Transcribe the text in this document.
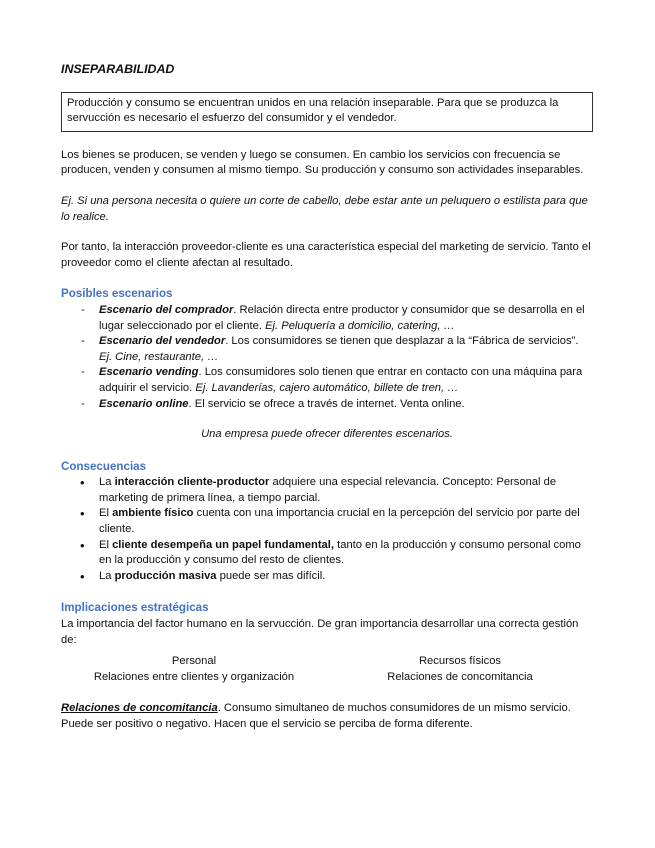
INSEPARABILIDAD
Producción y consumo se encuentran unidos en una relación inseparable. Para que se produzca la servucción es necesario el esfuerzo del consumidor y el vendedor.

Los bienes se producen, se venden y luego se consumen. En cambio los servicios con frecuencia se producen, venden y consumen al mismo tiempo. Su producción y consumo son actividades inseparables.

Ej. Si una persona necesita o quiere un corte de cabello, debe estar ante un peluquero o estilista para que lo realice.

Por tanto, la interacción proveedor-cliente es una característica especial del marketing de servicio. Tanto el proveedor como el cliente afectan al resultado.

Posibles escenarios
- Escenario del comprador. Relación directa entre productor y consumidor que se desarrolla en el lugar seleccionado por el cliente. Ej. Peluquería a domicilio, catering, …
- Escenario del vendedor. Los consumidores se tienen que desplazar a la “Fábrica de servicios”. Ej. Cine, restaurante, …
- Escenario vending. Los consumidores solo tienen que entrar en contacto con una máquina para adquirir el servicio. Ej. Lavanderías, cajero automático, billete de tren, …
- Escenario online. El servicio se ofrece a través de internet. Venta online.
Una empresa puede ofrecer diferentes escenarios.
Consecuencias
• La interacción cliente-productor adquiere una especial relevancia. Concepto: Personal de marketing de primera línea, a tiempo parcial.
• El ambiente físico cuenta con una importancia crucial en la percepción del servicio por parte del cliente.
• El cliente desempeña un papel fundamental, tanto en la producción y consumo personal como en la producción y consumo del resto de clientes.
• La producción masiva puede ser mas difícil.
Implicaciones estratégicas
La importancia del factor humano en la servucción. De gran importancia desarrollar una correcta gestión de:
Personal	Recursos físicos
Relaciones entre clientes y organización	Relaciones de concomitancia

Relaciones de concomitancia. Consumo simultaneo de muchos consumidores de un mismo servicio. Puede ser positivo o negativo. Hacen que el servicio se perciba de forma diferente.
